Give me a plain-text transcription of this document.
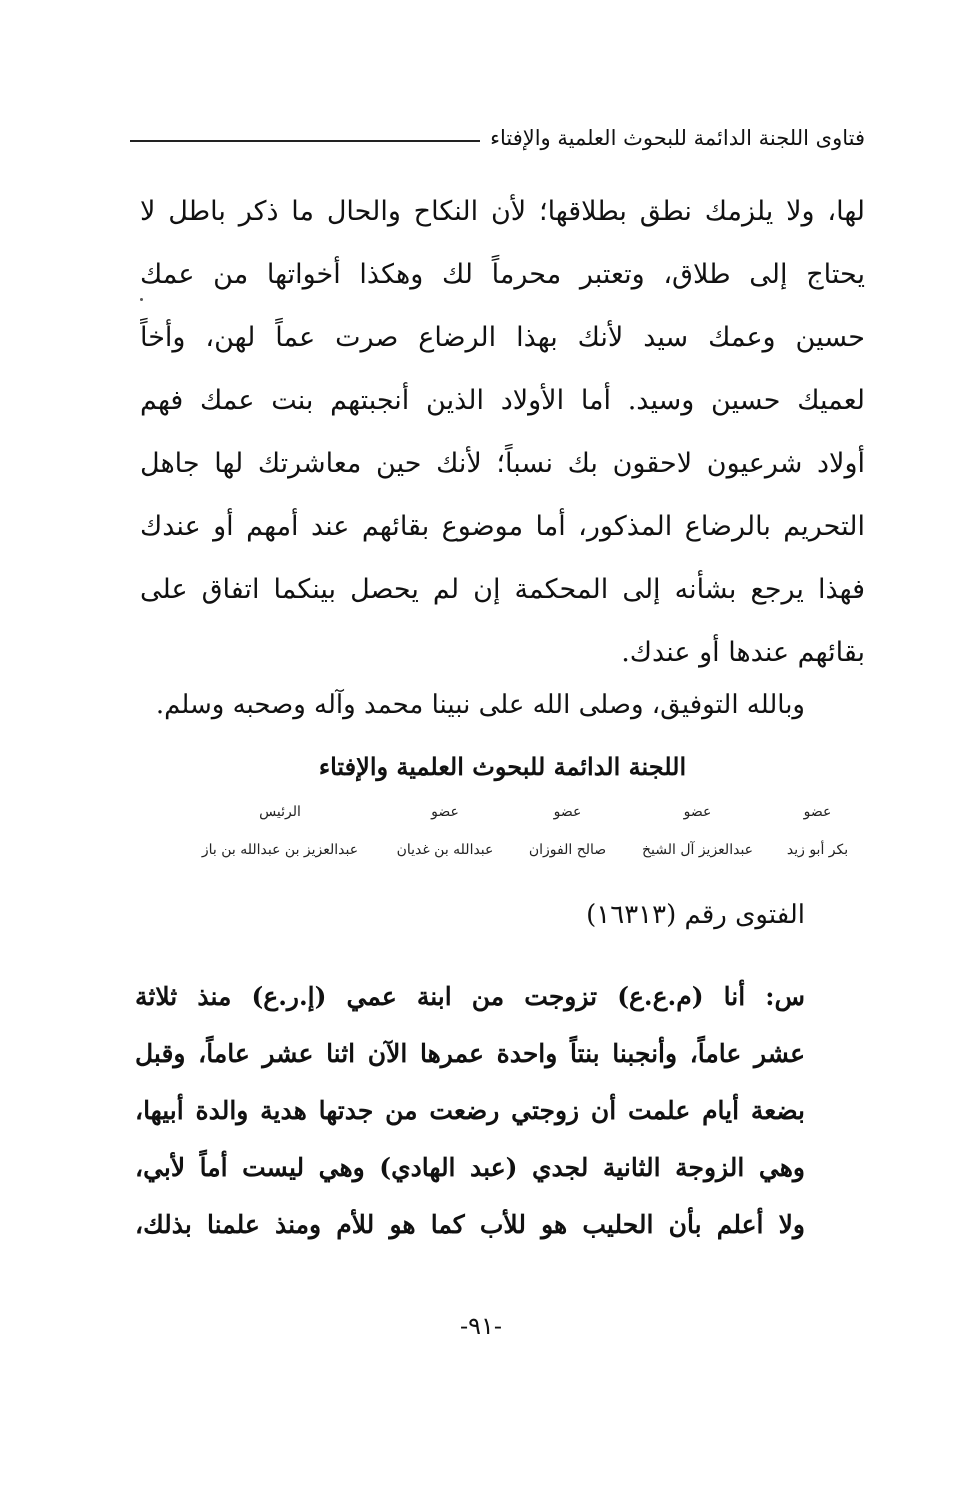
فتاوى اللجنة الدائمة للبحوث العلمية والإفتاء
لها، ولا يلزمك نطق بطلاقها؛ لأن النكاح والحال ما ذكر باطل لا
يحتاج إلى طلاق، وتعتبر محرماً لك وهكذا أخواتها من عمك
حسين وعمك سيد لأنك بهذا الرضاع صرت عماً لهن، وأخاً
لعميك حسين وسيد. أما الأولاد الذين أنجبتهم بنت عمك فهم
أولاد شرعيون لاحقون بك نسباً؛ لأنك حين معاشرتك لها جاهل
التحريم بالرضاع المذكور، أما موضوع بقائهم عند أمهم أو عندك
فهذا يرجع بشأنه إلى المحكمة إن لم يحصل بينكما اتفاق على
بقائهم عندها أو عندك.

وبالله التوفيق، وصلى الله على نبينا محمد وآله وصحبه وسلم.

اللجنة الدائمة للبحوث العلمية والإفتاء

عضو
عضو
عضو
عضو
الرئيس
بكر أبو زيد
عبدالعزيز آل الشيخ
صالح الفوزان
عبدالله بن غديان
عبدالعزيز بن عبدالله بن باز

الفتوى رقم (١٦٣١٣)

س: أنا (م.ع.ع) تزوجت من ابنة عمي (إ.ر.ع) منذ ثلاثة
عشر عاماً، وأنجبنا بنتاً واحدة عمرها الآن اثنا عشر عاماً، وقبل
بضعة أيام علمت أن زوجتي رضعت من جدتها هدية والدة أبيها،
وهي الزوجة الثانية لجدي (عبد الهادي) وهي ليست أماً لأبي،
ولا أعلم بأن الحليب هو للأب كما هو للأم ومنذ علمنا بذلك،
-٩١-
